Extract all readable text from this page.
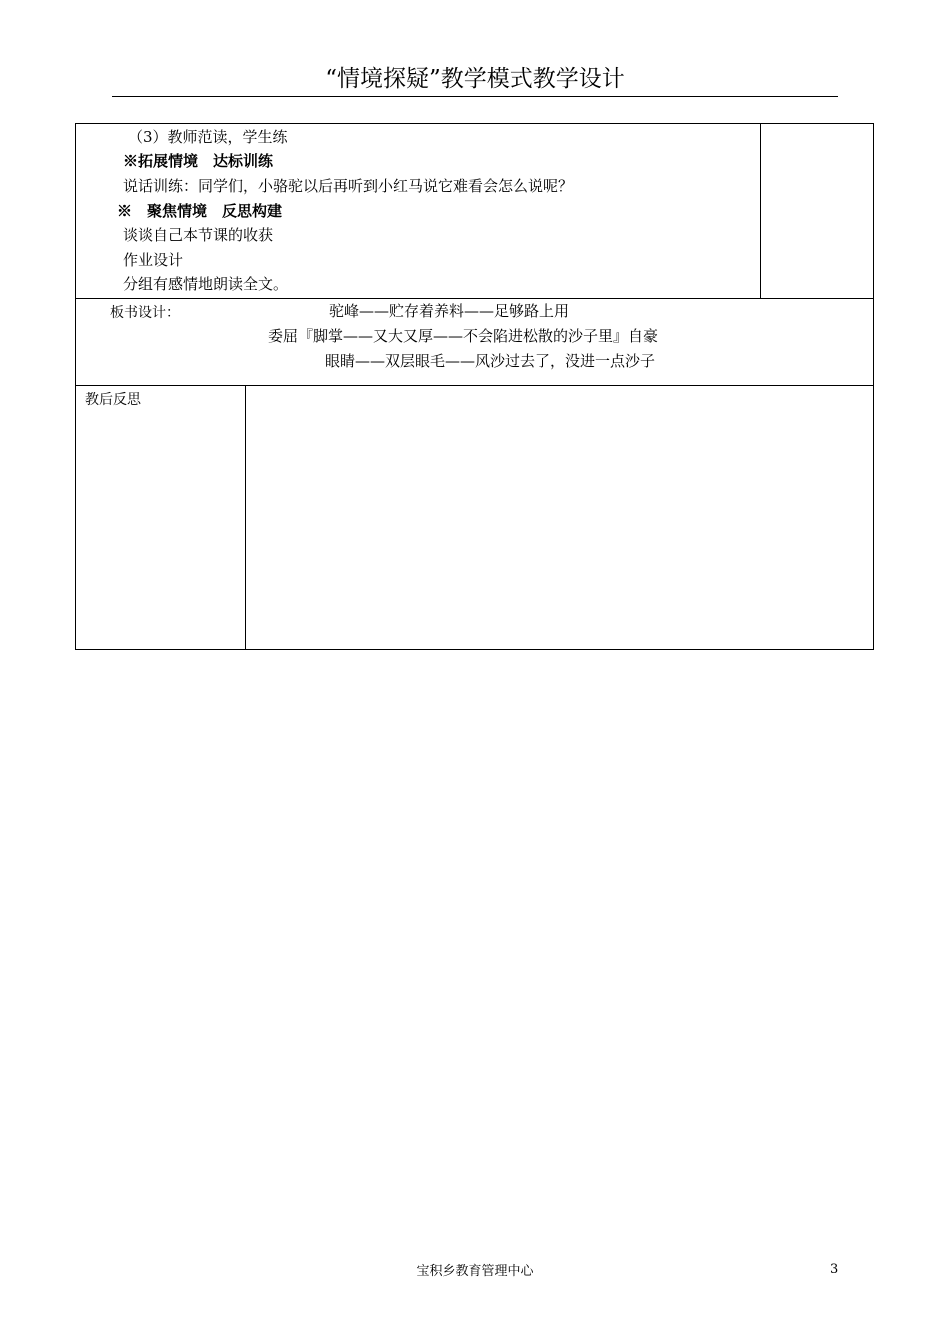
“情境探疑”教学模式教学设计
（3）教师范读，学生练
※拓展情境　达标训练
说话训练：同学们，小骆驼以后再听到小红马说它难看会怎么说呢？
※　聚焦情境　反思构建
谈谈自己本节课的收获
作业设计
分组有感情地朗读全文。
板书设计：	驼峰——贮存着养料——足够路上用
委屈『脚掌——又大又厚——不会陷进松散的沙子里』自豪
眼睛——双层眼毛——风沙过去了，没进一点沙子
教后反思
宝积乡教育管理中心	3
